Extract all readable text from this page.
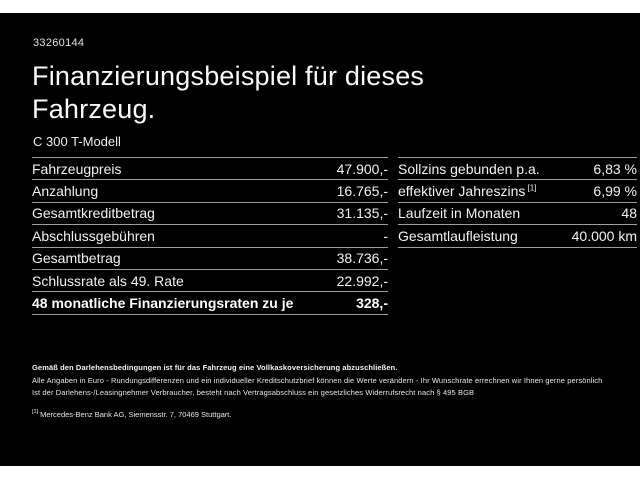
33260144
Finanzierungsbeispiel für dieses
Fahrzeug.
C 300 T-Modell
Fahrzeugpreis	47.900,-
Anzahlung	16.765,-
Gesamtkreditbetrag	31.135,-
Abschlussgebühren	-
Gesamtbetrag	38.736,-
Schlussrate als 49. Rate	22.992,-
48 monatliche Finanzierungsraten zu je	328,-
Sollzins gebunden p.a.	6,83 %
effektiver Jahreszins [1]	6,99 %
Laufzeit in Monaten	48
Gesamtlaufleistung	40.000 km
Gemäß den Darlehensbedingungen ist für das Fahrzeug eine Vollkaskoversicherung abzuschließen.
Alle Angaben in Euro - Rundungsdifferenzen und ein individueller Kreditschutzbrief können die Werte verändern - Ihr Wunschrate errechnen wir Ihnen gerne persönlich
Ist der Darlehens-/Leasingnehmer Verbraucher, besteht nach Vertragsabschluss ein gesetzliches Widerrufsrecht nach § 495 BGB
[1] Mercedes-Benz Bank AG, Siemensstr. 7, 70469 Stuttgart.
